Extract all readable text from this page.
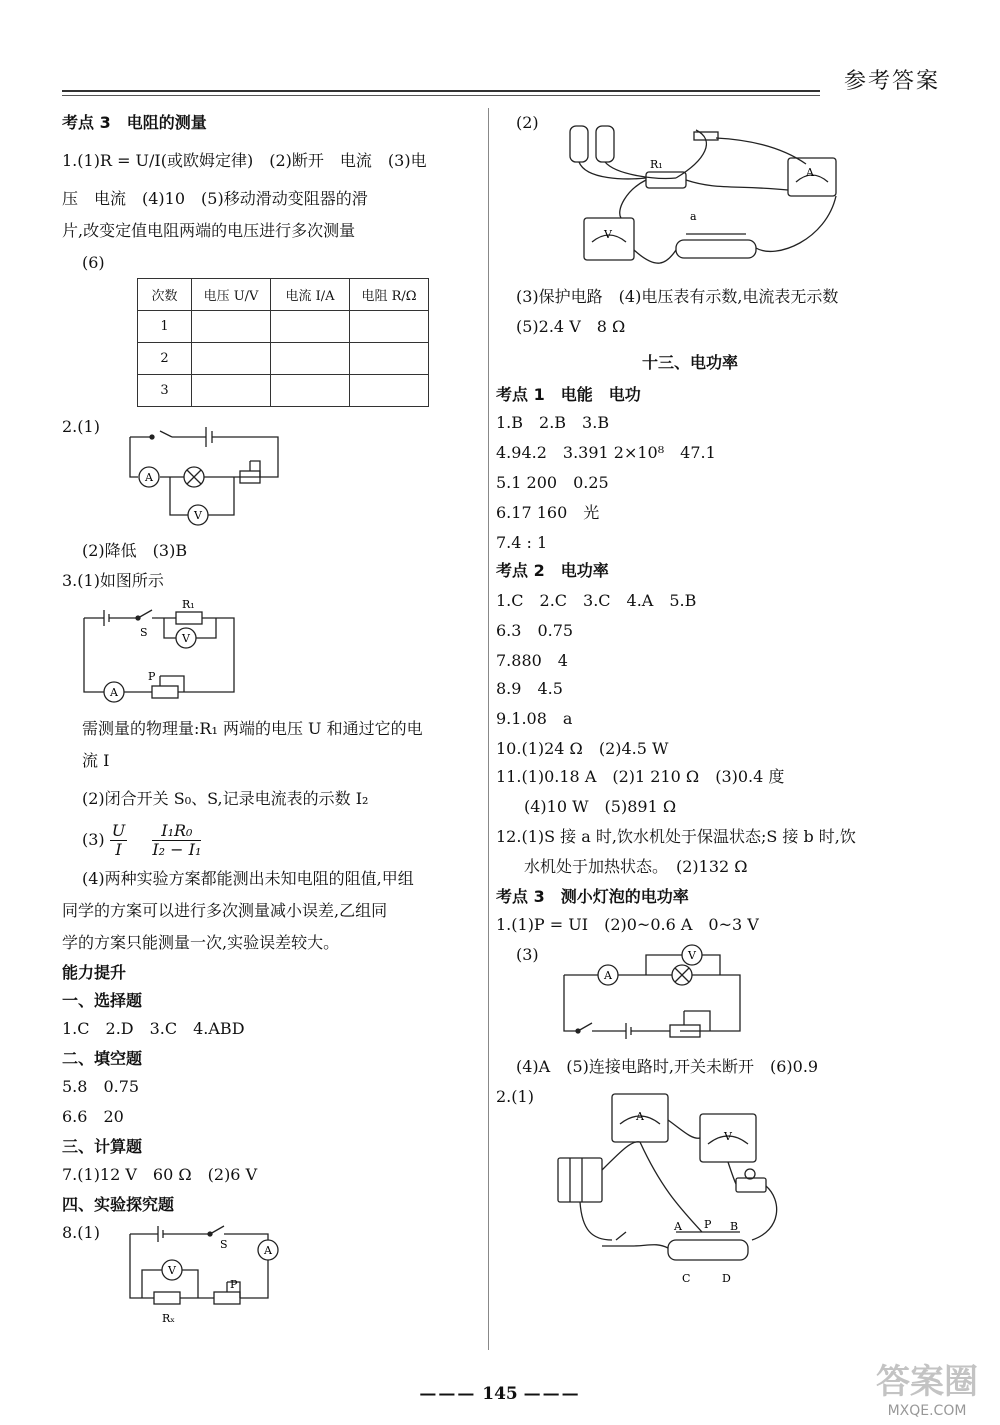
参考答案
考点 3　电阻的测量
1.(1)R = U/I(或欧姆定律)　(2)断开　电流　(3)电
压　电流　(4)10　(5)移动滑动变阻器的滑
片,改变定值电阻两端的电压进行多次测量
(6)
次数	电压 U/V	电流 I/A	电阻 R/Ω
1			
2			
3			
2.(1)
A
V
(2)降低　(3)B
3.(1)如图所示
V
A
R₁
S
P
需测量的物理量:R₁ 两端的电压 U 和通过它的电
流 I
(2)闭合开关 S₀、S,记录电流表的示数 I₂
$(3) \frac{U}{I}$
$\frac{\text{I₁R₀}}{\text{I₂ − I₁}}$
(4)两种实验方案都能测出未知电阻的阻值,甲组
同学的方案可以进行多次测量减小误差,乙组同
学的方案只能测量一次,实验误差较大。
能力提升
一、选择题
1.C　2.D　3.C　4.ABD
二、填空题
5.8　0.75
6.6　20
三、计算题
7.(1)12 V　60 Ω　(2)6 V
四、实验探究题
8.(1)
A
V
S
P
Rₓ
(2)
R₁
a
A
V
(3)保护电路　(4)电压表有示数,电流表无示数
(5)2.4 V　8 Ω
十三、电功率
考点 1　电能　电功
1.B　2.B　3.B
4.94.2　3.391 2×10⁸　47.1
5.1 200　0.25
6.17 160　光
7.4 : 1
考点 2　电功率
1.C　2.C　3.C　4.A　5.B
6.3　0.75
7.880　4
8.9　4.5
9.1.08　a
10.(1)24 Ω　(2)4.5 W
11.(1)0.18 A　(2)1 210 Ω　(3)0.4 度
(4)10 W　(5)891 Ω
12.(1)S 接 a 时,饮水机处于保温状态;S 接 b 时,饮
水机处于加热状态。　(2)132 Ω
考点 3　测小灯泡的电功率
1.(1)P = UI　(2)0~0.6 A　0~3 V
(3)
A
V
(4)A　(5)连接电路时,开关未断开　(6)0.9
2.(1)
A P B
C	D
A
V
——— 145 ———	答案圈
MXQE.COM
